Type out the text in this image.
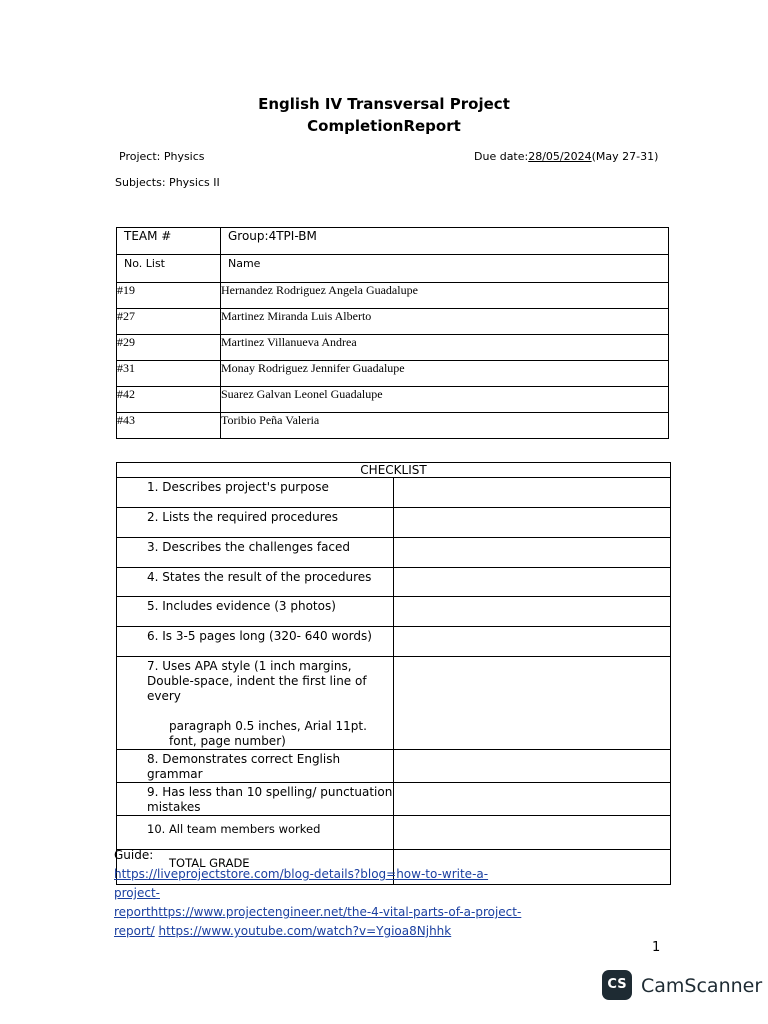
English IV Transversal Project
CompletionReport
Project: Physics	Due date:28/05/2024(May 27-31)
Subjects: Physics II
TEAM #	Group:4TPI-BM
No. List	Name
#19	Hernandez Rodriguez Angela Guadalupe
#27	Martinez Miranda Luis Alberto
#29	Martinez Villanueva Andrea
#31	Monay Rodriguez Jennifer Guadalupe
#42	Suarez Galvan Leonel Guadalupe
#43	Toribio Peña Valeria
CHECKLIST	
1. Describes project's purpose	
2. Lists the required procedures	
3. Describes the challenges faced	
4. States the result of the procedures	
5. Includes evidence (3 photos)	
6. Is 3-5 pages long (320- 640 words)	
7. Uses APA style (1 inch margins, Double-space, indent the first line of every
paragraph 0.5 inches, Arial 11pt. font, page number)	

8. Demonstrates correct English grammar	
9. Has less than 10 spelling/ punctuation mistakes	
10. All team members worked	
TOTAL GRADE	
Guide:
https://liveprojectstore.com/blog-details?blog=how-to-write-a-project-
reporthttps://www.projectengineer.net/the-4-vital-parts-of-a-project-
report/ https://www.youtube.com/watch?v=Ygioa8Njhhk
1
CS CamScanner
